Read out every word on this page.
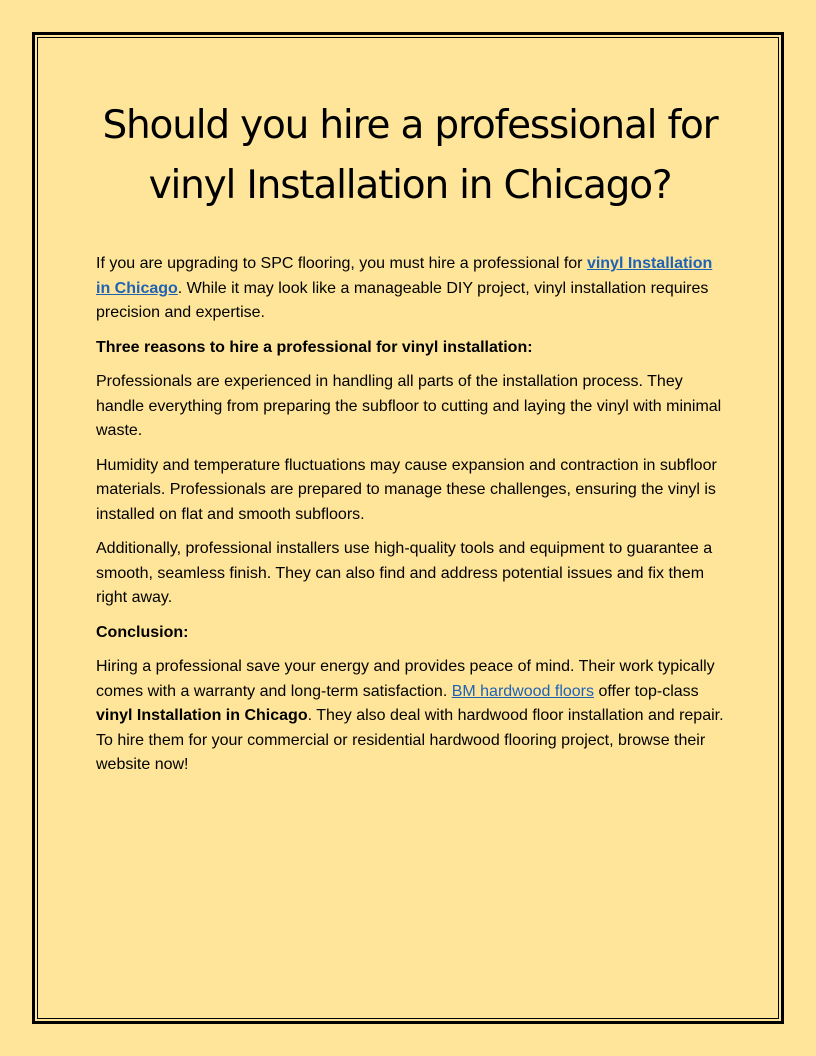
Should you hire a professional for
vinyl Installation in Chicago?

If you are upgrading to SPC flooring, you must hire a professional for vinyl Installation in Chicago. While it may look like a manageable DIY project, vinyl installation requires precision and expertise.

Three reasons to hire a professional for vinyl installation:

Professionals are experienced in handling all parts of the installation process. They handle everything from preparing the subfloor to cutting and laying the vinyl with minimal waste.

Humidity and temperature fluctuations may cause expansion and contraction in subfloor materials. Professionals are prepared to manage these challenges, ensuring the vinyl is installed on flat and smooth subfloors.

Additionally, professional installers use high-quality tools and equipment to guarantee a smooth, seamless finish. They can also find and address potential issues and fix them right away.

Conclusion:

Hiring a professional save your energy and provides peace of mind. Their work typically comes with a warranty and long-term satisfaction. BM hardwood floors offer top-class vinyl Installation in Chicago. They also deal with hardwood floor installation and repair. To hire them for your commercial or residential hardwood flooring project, browse their website now!
